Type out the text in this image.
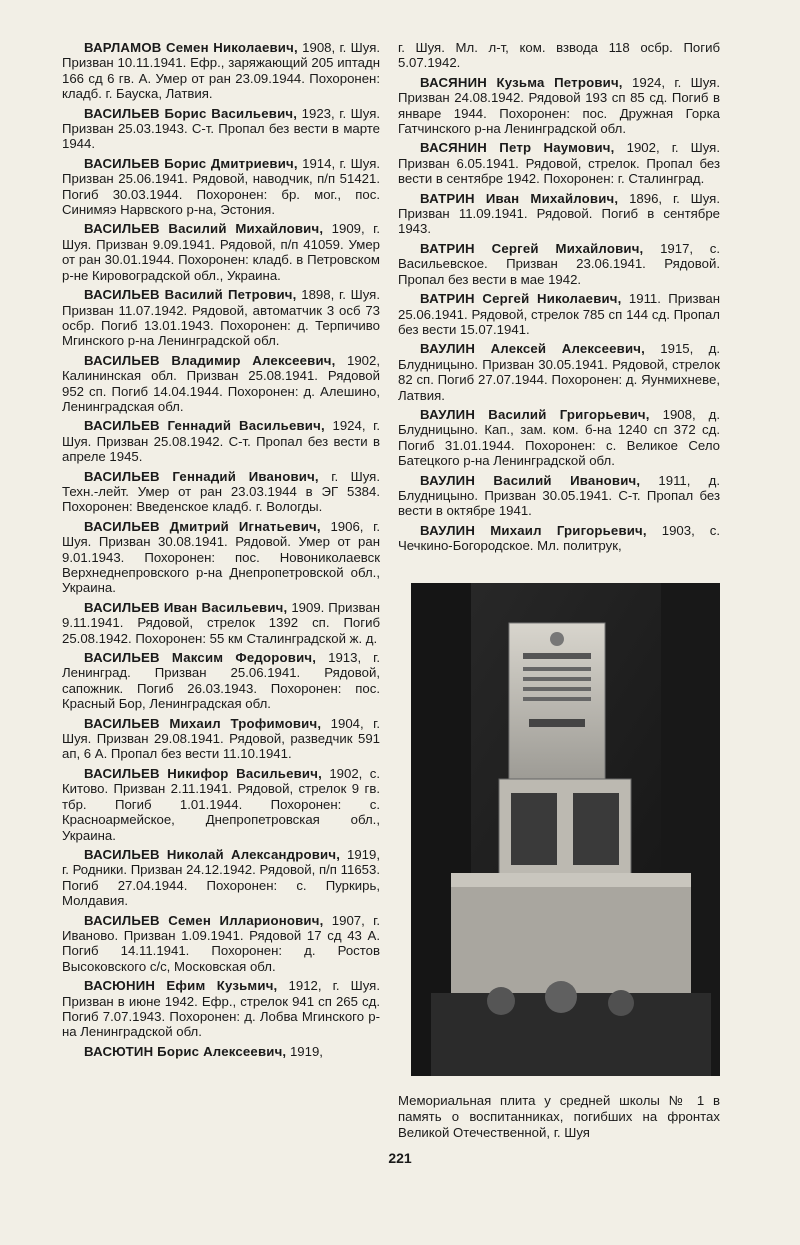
ВАРЛАМОВ Семен Николаевич, 1908, г. Шуя. Призван 10.11.1941. Ефр., заряжающий 205 иптадн 166 сд 6 гв. А. Умер от ран 23.09.1944. Похоронен: кладб. г. Бауска, Латвия.

ВАСИЛЬЕВ Борис Васильевич, 1923, г. Шуя. Призван 25.03.1943. С-т. Пропал без вести в марте 1944.

ВАСИЛЬЕВ Борис Дмитриевич, 1914, г. Шуя. Призван 25.06.1941. Рядовой, наводчик, п/п 51421. Погиб 30.03.1944. Похоронен: бр. мог., пос. Синимяэ Нарвского р-на, Эстония.

ВАСИЛЬЕВ Василий Михайлович, 1909, г. Шуя. Призван 9.09.1941. Рядовой, п/п 41059. Умер от ран 30.01.1944. Похоронен: кладб. в Петровском р-не Кировоградской обл., Украина.

ВАСИЛЬЕВ Василий Петрович, 1898, г. Шуя. Призван 11.07.1942. Рядовой, автоматчик 3 осб 73 осбр. Погиб 13.01.1943. Похоронен: д. Терпичиво Мгинского р-на Ленинградской обл.

ВАСИЛЬЕВ Владимир Алексеевич, 1902, Калининская обл. Призван 25.08.1941. Рядовой 952 сп. Погиб 14.04.1944. Похоронен: д. Алешино, Ленинградская обл.

ВАСИЛЬЕВ Геннадий Васильевич, 1924, г. Шуя. Призван 25.08.1942. С-т. Пропал без вести в апреле 1945.

ВАСИЛЬЕВ Геннадий Иванович, г. Шуя. Техн.-лейт. Умер от ран 23.03.1944 в ЭГ 5384. Похоронен: Введенское кладб. г. Вологды.

ВАСИЛЬЕВ Дмитрий Игнатьевич, 1906, г. Шуя. Призван 30.08.1941. Рядовой. Умер от ран 9.01.1943. Похоронен: пос. Новониколаевск Верхнеднепровского р-на Днепропетровской обл., Украина.

ВАСИЛЬЕВ Иван Васильевич, 1909. Призван 9.11.1941. Рядовой, стрелок 1392 сп. Погиб 25.08.1942. Похоронен: 55 км Сталинградской ж. д.

ВАСИЛЬЕВ Максим Федорович, 1913, г. Ленинград. Призван 25.06.1941. Рядовой, сапожник. Погиб 26.03.1943. Похоронен: пос. Красный Бор, Ленинградская обл.

ВАСИЛЬЕВ Михаил Трофимович, 1904, г. Шуя. Призван 29.08.1941. Рядовой, разведчик 591 ап, 6 А. Пропал без вести 11.10.1941.

ВАСИЛЬЕВ Никифор Васильевич, 1902, с. Китово. Призван 2.11.1941. Рядовой, стрелок 9 гв. тбр. Погиб 1.01.1944. Похоронен: с. Красноармейское, Днепропетровская обл., Украина.

ВАСИЛЬЕВ Николай Александрович, 1919, г. Родники. Призван 24.12.1942. Рядовой, п/п 11653. Погиб 27.04.1944. Похоронен: с. Пуркирь, Молдавия.

ВАСИЛЬЕВ Семен Илларионович, 1907, г. Иваново. Призван 1.09.1941. Рядовой 17 сд 43 А. Погиб 14.11.1941. Похоронен: д. Ростов Высоковского с/с, Московская обл.

ВАСЮНИН Ефим Кузьмич, 1912, г. Шуя. Призван в июне 1942. Ефр., стрелок 941 сп 265 сд. Погиб 7.07.1943. Похоронен: д. Лобва Мгинского р-на Ленинградской обл.

ВАСЮТИН Борис Алексеевич, 1919,

г. Шуя. Мл. л-т, ком. взвода 118 осбр. Погиб 5.07.1942.

ВАСЯНИН Кузьма Петрович, 1924, г. Шуя. Призван 24.08.1942. Рядовой 193 сп 85 сд. Погиб в январе 1944. Похоронен: пос. Дружная Горка Гатчинского р-на Ленинградской обл.

ВАСЯНИН Петр Наумович, 1902, г. Шуя. Призван 6.05.1941. Рядовой, стрелок. Пропал без вести в сентябре 1942. Похоронен: г. Сталинград.

ВАТРИН Иван Михайлович, 1896, г. Шуя. Призван 11.09.1941. Рядовой. Погиб в сентябре 1943.

ВАТРИН Сергей Михайлович, 1917, с. Васильевское. Призван 23.06.1941. Рядовой. Пропал без вести в мае 1942.

ВАТРИН Сергей Николаевич, 1911. Призван 25.06.1941. Рядовой, стрелок 785 сп 144 сд. Пропал без вести 15.07.1941.

ВАУЛИН Алексей Алексеевич, 1915, д. Блудницыно. Призван 30.05.1941. Рядовой, стрелок 82 сп. Погиб 27.07.1944. Похоронен: д. Яунмихневе, Латвия.

ВАУЛИН Василий Григорьевич, 1908, д. Блудницыно. Кап., зам. ком. б-на 1240 сп 372 сд. Погиб 31.01.1944. Похоронен: с. Великое Село Батецкого р-на Ленинградской обл.

ВАУЛИН Василий Иванович, 1911, д. Блудницыно. Призван 30.05.1941. С-т. Пропал без вести в октябре 1941.

ВАУЛИН Михаил Григорьевич, 1903, с. Чечкино-Богородское. Мл. политрук,

Мемориальная плита у средней школы № 1 в память о воспитанниках, погибших на фронтах Великой Отечественной, г. Шуя
221
